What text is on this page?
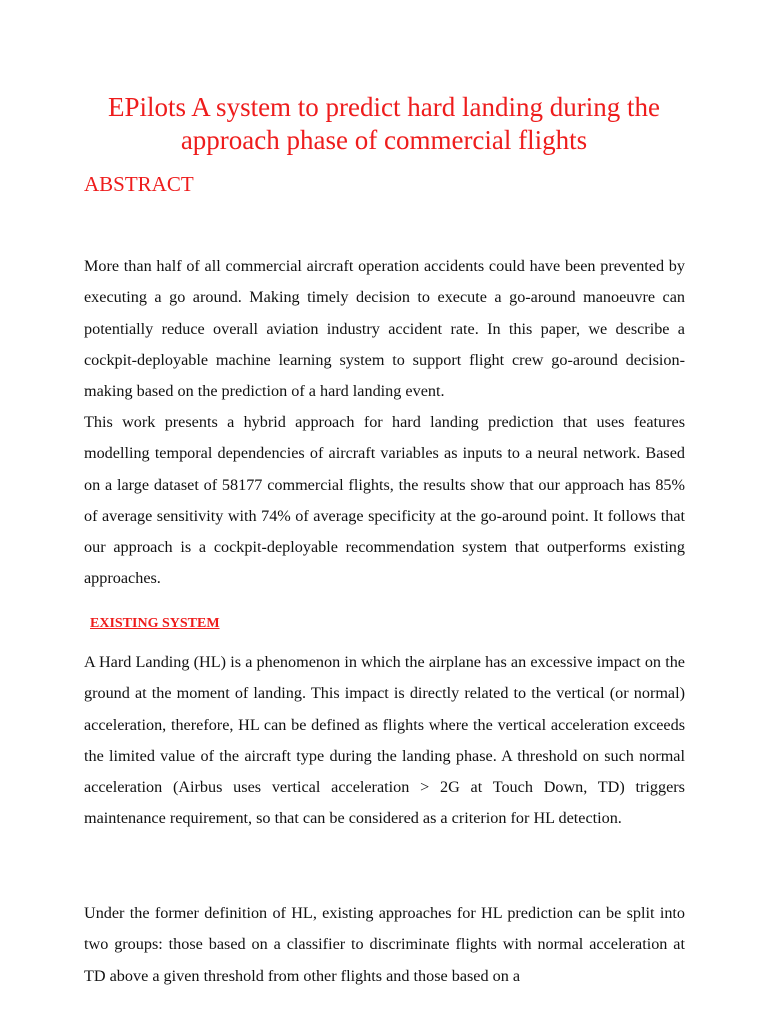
EPilots A system to predict hard landing during the approach phase of commercial flights
ABSTRACT

More than half of all commercial aircraft operation accidents could have been prevented by executing a go around. Making timely decision to execute a go-around manoeuvre can potentially reduce overall aviation industry accident rate. In this paper, we describe a cockpit-deployable machine learning system to support flight crew go-around decision-making based on the prediction of a hard landing event.

This work presents a hybrid approach for hard landing prediction that uses features modelling temporal dependencies of aircraft variables as inputs to a neural network. Based on a large dataset of 58177 commercial flights, the results show that our approach has 85% of average sensitivity with 74% of average specificity at the go-around point. It follows that our approach is a cockpit-deployable recommendation system that outperforms existing approaches.

EXISTING SYSTEM

A Hard Landing (HL) is a phenomenon in which the airplane has an excessive impact on the ground at the moment of landing. This impact is directly related to the vertical (or normal) acceleration, therefore, HL can be defined as flights where the vertical acceleration exceeds the limited value of the aircraft type during the landing phase. A threshold on such normal acceleration (Airbus uses vertical acceleration > 2G at Touch Down, TD) triggers maintenance requirement, so that can be considered as a criterion for HL detection.

Under the former definition of HL, existing approaches for HL prediction can be split into two groups: those based on a classifier to discriminate flights with normal acceleration at TD above a given threshold from other flights and those based on a
